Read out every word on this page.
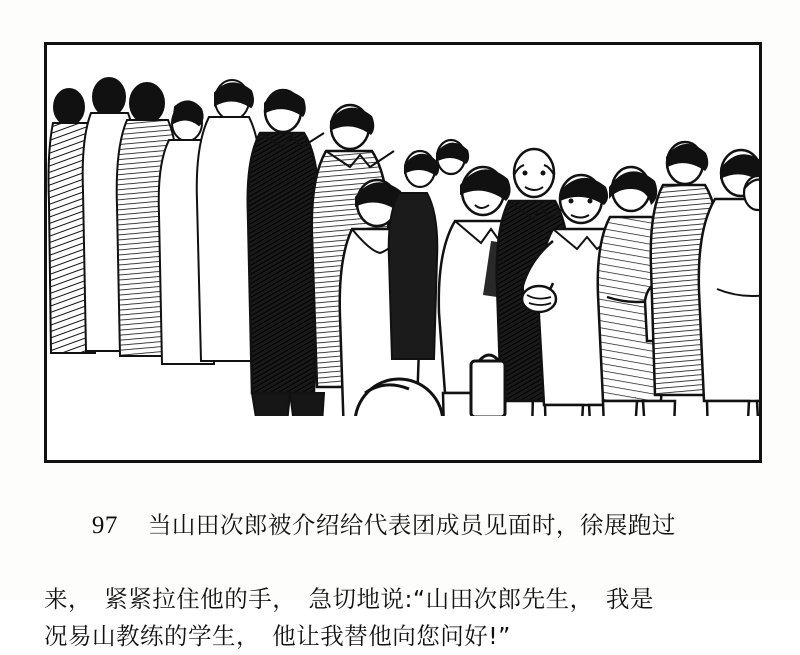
97 当山田次郎被介绍给代表团成员见面时，徐展跑过

来，　紧紧拉住他的手，　急切地说:“山田次郎先生，　我是
况易山教练的学生，　他让我替他向您问好!”
